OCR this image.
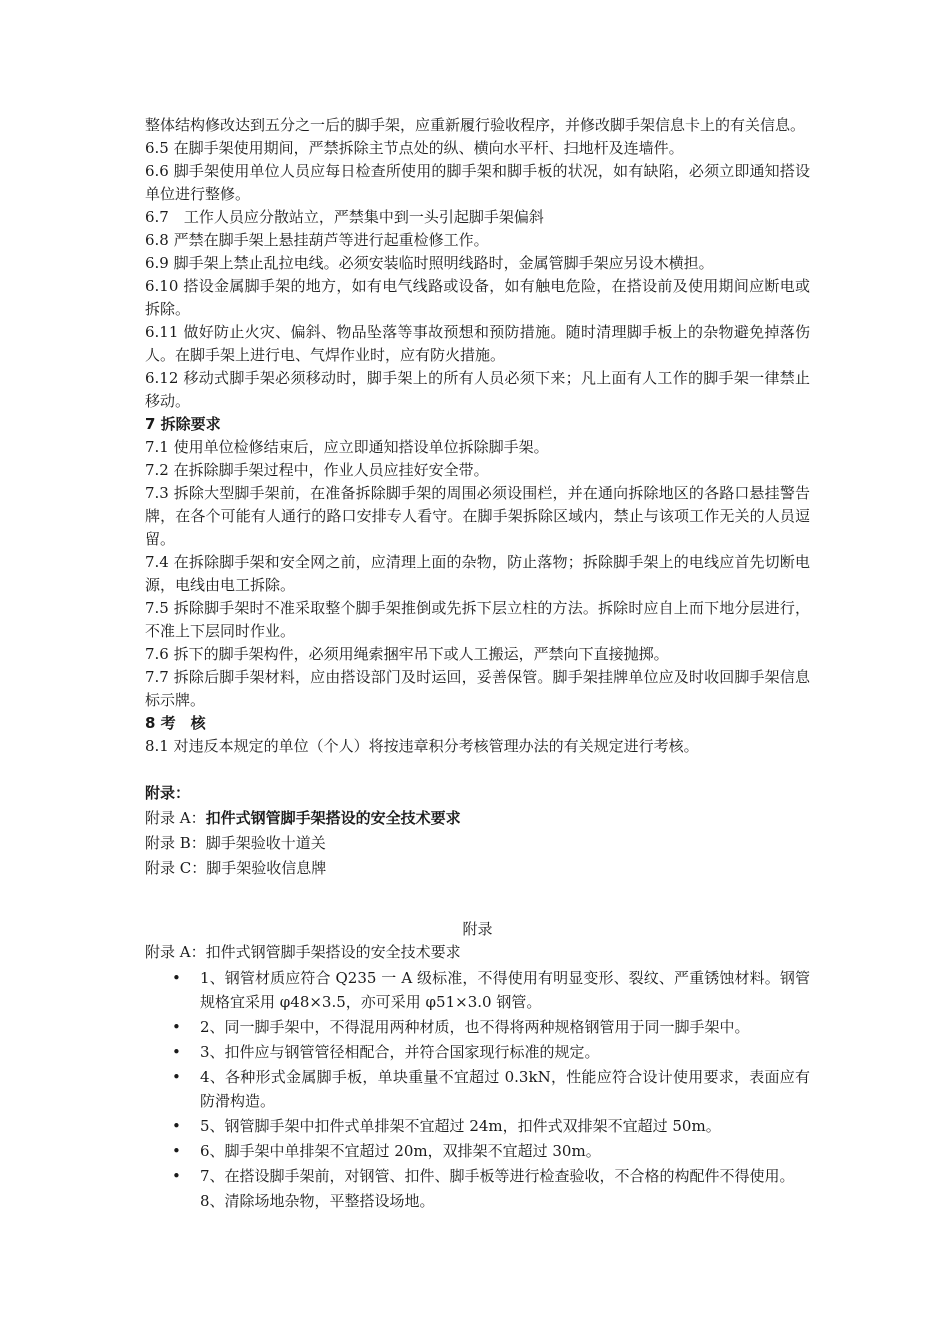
整体结构修改达到五分之一后的脚手架，应重新履行验收程序，并修改脚手架信息卡上的有关信息。

6.5 在脚手架使用期间，严禁拆除主节点处的纵、横向水平杆、扫地杆及连墙件。

6.6 脚手架使用单位人员应每日检查所使用的脚手架和脚手板的状况，如有缺陷，必须立即通知搭设单位进行整修。

6.7　工作人员应分散站立，严禁集中到一头引起脚手架偏斜

6.8 严禁在脚手架上悬挂葫芦等进行起重检修工作。

6.9 脚手架上禁止乱拉电线。必须安装临时照明线路时，金属管脚手架应另设木横担。

6.10 搭设金属脚手架的地方，如有电气线路或设备，如有触电危险，在搭设前及使用期间应断电或拆除。

6.11 做好防止火灾、偏斜、物品坠落等事故预想和预防措施。随时清理脚手板上的杂物避免掉落伤人。在脚手架上进行电、气焊作业时，应有防火措施。

6.12 移动式脚手架必须移动时，脚手架上的所有人员必须下来；凡上面有人工作的脚手架一律禁止移动。

7 拆除要求

7.1 使用单位检修结束后，应立即通知搭设单位拆除脚手架。

7.2 在拆除脚手架过程中，作业人员应挂好安全带。

7.3 拆除大型脚手架前，在准备拆除脚手架的周围必须设围栏，并在通向拆除地区的各路口悬挂警告牌，在各个可能有人通行的路口安排专人看守。在脚手架拆除区域内，禁止与该项工作无关的人员逗留。

7.4 在拆除脚手架和安全网之前，应清理上面的杂物，防止落物；拆除脚手架上的电线应首先切断电源，电线由电工拆除。

7.5 拆除脚手架时不准采取整个脚手架推倒或先拆下层立柱的方法。拆除时应自上而下地分层进行，不准上下层同时作业。

7.6 拆下的脚手架构件，必须用绳索捆牢吊下或人工搬运，严禁向下直接抛掷。

7.7 拆除后脚手架材料，应由搭设部门及时运回，妥善保管。脚手架挂牌单位应及时收回脚手架信息标示牌。

8 考　核

8.1 对违反本规定的单位（个人）将按违章积分考核管理办法的有关规定进行考核。

附录：

附录 A：扣件式钢管脚手架搭设的安全技术要求

附录 B：脚手架验收十道关

附录 C：脚手架验收信息牌

附录

附录 A：扣件式钢管脚手架搭设的安全技术要求

• 1、钢管材质应符合 Q235 一 A 级标准，不得使用有明显变形、裂纹、严重锈蚀材料。钢管规格宜采用 φ48×3.5，亦可采用 φ51×3.0 钢管。
• 2、同一脚手架中，不得混用两种材质，也不得将两种规格钢管用于同一脚手架中。
• 3、扣件应与钢管管径相配合，并符合国家现行标准的规定。
• 4、各种形式金属脚手板，单块重量不宜超过 0.3kN，性能应符合设计使用要求，表面应有防滑构造。
• 5、钢管脚手架中扣件式单排架不宜超过 24m，扣件式双排架不宜超过 50m。
• 6、脚手架中单排架不宜超过 20m，双排架不宜超过 30m。
• 7、在搭设脚手架前，对钢管、扣件、脚手板等进行检查验收，不合格的构配件不得使用。

8、清除场地杂物，平整搭设场地。
